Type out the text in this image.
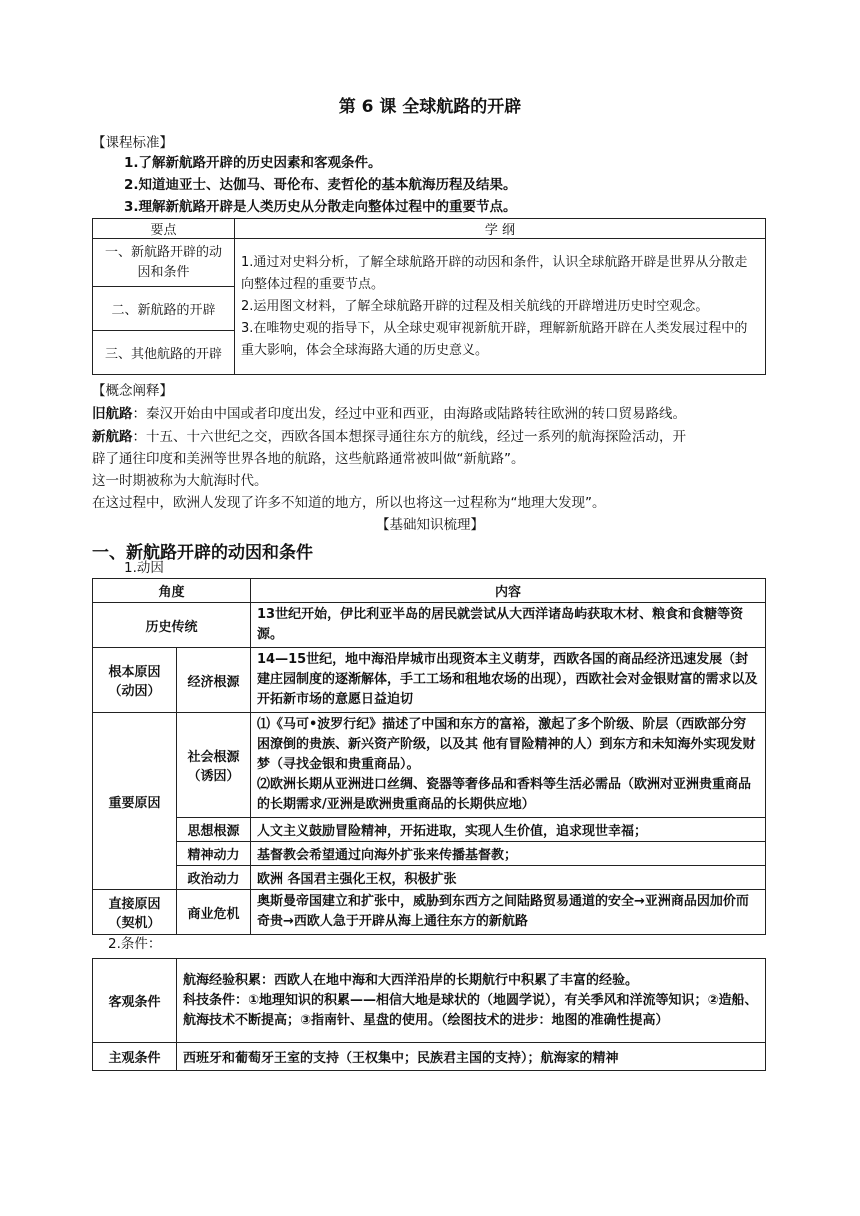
第 6 课 全球航路的开辟
【课程标准】
1.了解新航路开辟的历史因素和客观条件。
2.知道迪亚士、达伽马、哥伦布、麦哲伦的基本航海历程及结果。
3.理解新航路开辟是人类历史从分散走向整体过程中的重要节点。
要点	学 纲
一、新航路开辟的动因和条件	1.通过对史料分析，了解全球航路开辟的动因和条件，认识全球航路开辟是世界从分散走向整体过程的重要节点。
2.运用图文材料，了解全球航路开辟的过程及相关航线的开辟增进历史时空观念。
3.在唯物史观的指导下，从全球史观审视新航开辟，理解新航路开辟在人类发展过程中的重大影响，体会全球海路大通的历史意义。

二、新航路的开辟	
三、其他航路的开辟	
【概念阐释】
旧航路：秦汉开始由中国或者印度出发，经过中亚和西亚，由海路或陆路转往欧洲的转口贸易路线。
新航路：十五、十六世纪之交，西欧各国本想探寻通往东方的航线，经过一系列的航海探险活动，开
辟了通往印度和美洲等世界各地的航路，这些航路通常被叫做“新航路”。
这一时期被称为大航海时代。
在这过程中，欧洲人发现了许多不知道的地方，所以也将这一过程称为“地理大发现”。
【基础知识梳理】
一、新航路开辟的动因和条件
1.动因
角度		内容
历史传统		13世纪开始，伊比利亚半岛的居民就尝试从大西洋诸岛屿获取木材、粮食和食糖等资源。
根本原因（动因）	经济根源	14—15世纪，地中海沿岸城市出现资本主义萌芽，西欧各国的商品经济迅速发展（封建庄园制度的逐渐解体，手工工场和租地农场的出现），西欧社会对金银财富的需求以及开拓新市场的意愿日益迫切
重要原因	社会根源（诱因）	⑴《马可•波罗行纪》描述了中国和东方的富裕，激起了多个阶级、阶层（西欧部分穷困潦倒的贵族、新兴资产阶级，以及其 他有冒险精神的人）到东方和未知海外实现发财梦（寻找金银和贵重商品）。
⑵欧洲长期从亚洲进口丝绸、瓷器等奢侈品和香料等生活必需品（欧洲对亚洲贵重商品的长期需求/亚洲是欧洲贵重商品的长期供应地）

	思想根源	人文主义鼓励冒险精神，开拓进取，实现人生价值，追求现世幸福；
	精神动力	基督教会希望通过向海外扩张来传播基督教；
	政治动力	欧洲 各国君主强化王权，积极扩张
直接原因（契机）	商业危机	奥斯曼帝国建立和扩张中，威胁到东西方之间陆路贸易通道的安全→亚洲商品因加价而奇贵→西欧人急于开辟从海上通往东方的新航路
2.条件：
客观条件	航海经验积累：西欧人在地中海和大西洋沿岸的长期航行中积累了丰富的经验。
科技条件：①地理知识的积累——相信大地是球状的（地圆学说），有关季风和洋流等知识；②造船、航海技术不断提高；③指南针、星盘的使用。（绘图技术的进步：地图的准确性提高）

主观条件	西班牙和葡萄牙王室的支持（王权集中；民族君主国的支持）；航海家的精神
